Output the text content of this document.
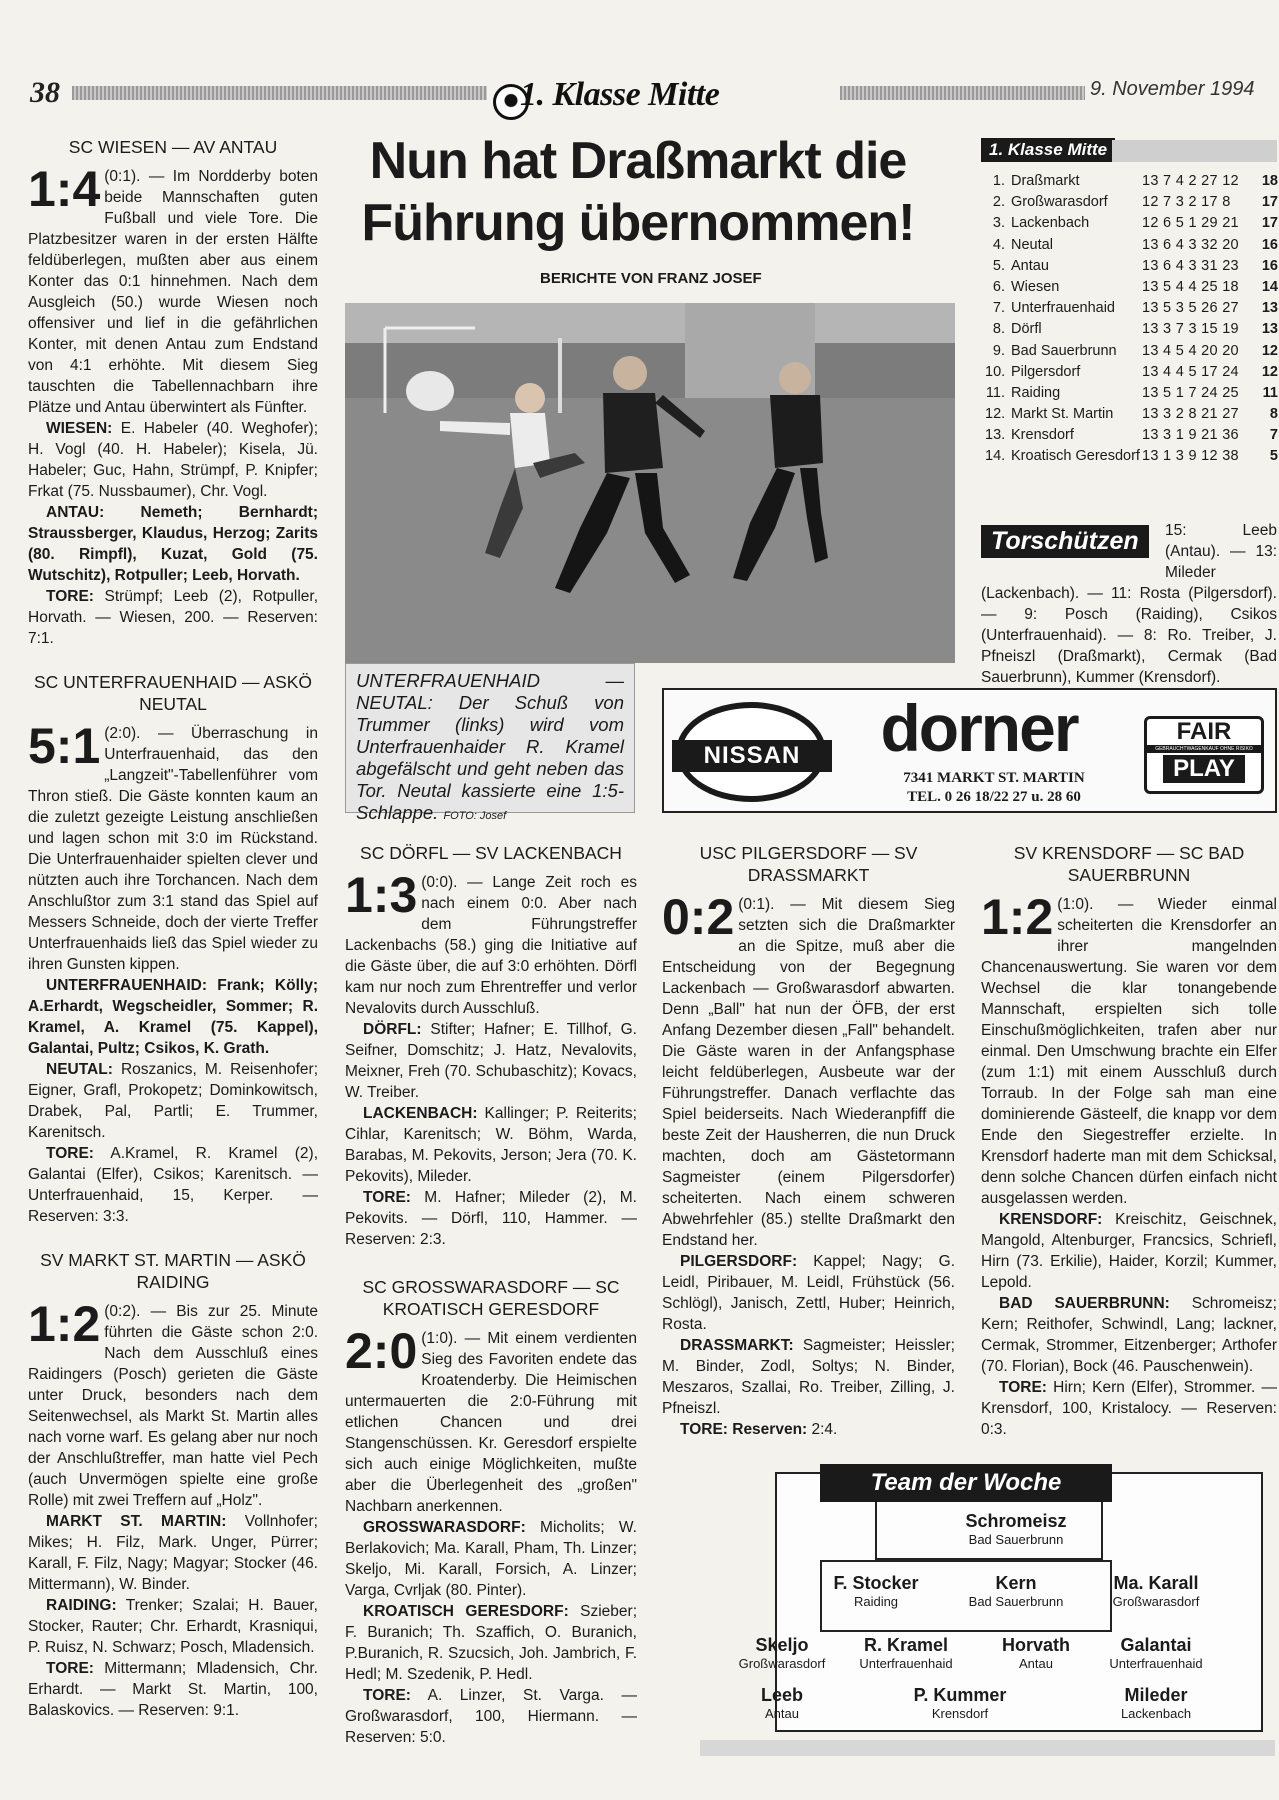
38	1. Klasse Mitte	9. November 1994
Nun hat Draßmarkt die Führung übernommen!
BERICHTE VON FRANZ JOSEF
UNTERFRAUENHAID — NEUTAL: Der Schuß von Trummer (links) wird vom Unterfrauenhaider R. Kramel abgefälscht und geht neben das Tor. Neutal kassierte eine 1:5-Schlappe. FOTO: Josef
NISSAN	dorner
7341 MARKT ST. MARTIN
TEL. 0 26 18/22 27 u. 28 60
FAIR
GEBRAUCHTWAGENKAUF OHNE RISIKO
PLAY
1. Klasse Mitte
1. Draßmarkt	13 7 4 2 27 12	18
2. Großwarasdorf	12 7 3 2 17 8	17
3. Lackenbach	12 6 5 1 29 21	17
4. Neutal	13 6 4 3 32 20	16
5. Antau	13 6 4 3 31 23	16
6. Wiesen	13 5 4 4 25 18	14
7. Unterfrauenhaid	13 5 3 5 26 27	13
8. Dörfl	13 3 7 3 15 19	13
9. Bad Sauerbrunn	13 4 5 4 20 20	12
10. Pilgersdorf	13 4 4 5 17 24	12
11. Raiding	13 5 1 7 24 25	11
12. Markt St. Martin	13 3 2 8 21 27	8
13. Krensdorf	13 3 1 9 21 36	7
14. Kroatisch Geresdorf 13 1 3 9 12 38	5
Torschützen	15: Leeb (Antau). — 13: Mileder (Lackenbach). — 11: Rosta (Pilgersdorf). — 9: Posch (Raiding), Csikos (Unterfrauenhaid). — 8: Ro. Treiber, J. Pfneiszl (Draßmarkt), Cermak (Bad Sauerbrunn), Kummer (Krensdorf).
Team der Woche
Schromeisz
Bad Sauerbrunn
F. Stocker
Raiding
Kern
Bad Sauerbrunn
Ma. Karall
Großwarasdorf
Skeljo
Großwarasdorf
R. Kramel
Unterfrauenhaid
Horvath
Antau
Galantai
Unterfrauenhaid
Leeb
Antau
P. Kummer
Krensdorf
Mileder
Lackenbach
SC WIESEN — AV ANTAU
1:4 (0:1). — Im Nordderby boten beide Mannschaften guten Fußball und viele Tore. Die Platzbesitzer waren in der ersten Hälfte feldüberlegen, mußten aber aus einem Konter das 0:1 hinnehmen. Nach dem Ausgleich (50.) wurde Wiesen noch offensiver und lief in die gefährlichen Konter, mit denen Antau zum Endstand von 4:1 erhöhte. Mit diesem Sieg tauschten die Tabellennachbarn ihre Plätze und Antau überwintert als Fünfter.

WIESEN: E. Habeler (40. Weghofer); H. Vogl (40. H. Habeler); Kisela, Jü. Habeler; Guc, Hahn, Strümpf, P. Knipfer; Frkat (75. Nussbaumer), Chr. Vogl.

ANTAU: Nemeth; Bernhardt; Straussberger, Klaudus, Herzog; Zarits (80. Rimpfl), Kuzat, Gold (75. Wutschitz), Rotpuller; Leeb, Horvath.

TORE: Strümpf; Leeb (2), Rotpuller, Horvath. — Wiesen, 200. — Reserven: 7:1.

SC UNTERFRAUENHAID — ASKÖ NEUTAL
5:1 (2:0). — Überraschung in Unterfrauenhaid, das den „Langzeit"-Tabellenführer vom Thron stieß. Die Gäste konnten kaum an die zuletzt gezeigte Leistung anschließen und lagen schon mit 3:0 im Rückstand. Die Unterfrauenhaider spielten clever und nützten auch ihre Torchancen. Nach dem Anschlußtor zum 3:1 stand das Spiel auf Messers Schneide, doch der vierte Treffer Unterfrauenhaids ließ das Spiel wieder zu ihren Gunsten kippen.

UNTERFRAUENHAID: Frank; Kölly; A.Erhardt, Wegscheidler, Sommer; R. Kramel, A. Kramel (75. Kappel), Galantai, Pultz; Csikos, K. Grath.

NEUTAL: Roszanics, M. Reisenhofer; Eigner, Grafl, Prokopetz; Dominkowitsch, Drabek, Pal, Partli; E. Trummer, Karenitsch.

TORE: A.Kramel, R. Kramel (2), Galantai (Elfer), Csikos; Karenitsch. — Unterfrauenhaid, 15, Kerper. — Reserven: 3:3.

SV MARKT ST. MARTIN — ASKÖ RAIDING
1:2 (0:2). — Bis zur 25. Minute führten die Gäste schon 2:0. Nach dem Ausschluß eines Raidingers (Posch) gerieten die Gäste unter Druck, besonders nach dem Seitenwechsel, als Markt St. Martin alles nach vorne warf. Es gelang aber nur noch der Anschlußtreffer, man hatte viel Pech (auch Unvermögen spielte eine große Rolle) mit zwei Treffern auf „Holz".

MARKT ST. MARTIN: Vollnhofer; Mikes; H. Filz, Mark. Unger, Pürrer; Karall, F. Filz, Nagy; Magyar; Stocker (46. Mittermann), W. Binder.

RAIDING: Trenker; Szalai; H. Bauer, Stocker, Rauter; Chr. Erhardt, Krasniqui, P. Ruisz, N. Schwarz; Posch, Mladensich.

TORE: Mittermann; Mladensich, Chr. Erhardt. — Markt St. Martin, 100, Balaskovics. — Reserven: 9:1.

SC DÖRFL — SV LACKENBACH
1:3 (0:0). — Lange Zeit roch es nach einem 0:0. Aber nach dem Führungstreffer Lackenbachs (58.) ging die Initiative auf die Gäste über, die auf 3:0 erhöhten. Dörfl kam nur noch zum Ehrentreffer und verlor Nevalovits durch Ausschluß.

DÖRFL: Stifter; Hafner; E. Tillhof, G. Seifner, Domschitz; J. Hatz, Nevalovits, Meixner, Freh (70. Schubaschitz); Kovacs, W. Treiber.

LACKENBACH: Kallinger; P. Reiterits; Cihlar, Karenitsch; W. Böhm, Warda, Barabas, M. Pekovits, Jerson; Jera (70. K. Pekovits), Mileder.

TORE: M. Hafner; Mileder (2), M. Pekovits. — Dörfl, 110, Hammer. — Reserven: 2:3.

SC GROSSWARASDORF — SC KROATISCH GERESDORF
2:0 (1:0). — Mit einem verdienten Sieg des Favoriten endete das Kroatenderby. Die Heimischen untermauerten die 2:0-Führung mit etlichen Chancen und drei Stangenschüssen. Kr. Geresdorf erspielte sich auch einige Möglichkeiten, mußte aber die Überlegenheit des „großen" Nachbarn anerkennen.

GROSSWARASDORF: Micholits; W. Berlakovich; Ma. Karall, Pham, Th. Linzer; Skeljo, Mi. Karall, Forsich, A. Linzer; Varga, Cvrljak (80. Pinter).

KROATISCH GERESDORF: Szieber; F. Buranich; Th. Szaffich, O. Buranich, P.Buranich, R. Szucsich, Joh. Jambrich, F. Hedl; M. Szedenik, P. Hedl.

TORE: A. Linzer, St. Varga. — Großwarasdorf, 100, Hiermann. — Reserven: 5:0.

USC PILGERSDORF — SV DRASSMARKT
0:2 (0:1). — Mit diesem Sieg setzten sich die Draßmarkter an die Spitze, muß aber die Entscheidung von der Begegnung Lackenbach — Großwarasdorf abwarten. Denn „Ball" hat nun der ÖFB, der erst Anfang Dezember diesen „Fall" behandelt. Die Gäste waren in der Anfangsphase leicht feldüberlegen, Ausbeute war der Führungstreffer. Danach verflachte das Spiel beiderseits. Nach Wiederanpfiff die beste Zeit der Hausherren, die nun Druck machten, doch am Gästetormann Sagmeister (einem Pilgersdorfer) scheiterten. Nach einem schweren Abwehrfehler (85.) stellte Draßmarkt den Endstand her.

PILGERSDORF: Kappel; Nagy; G. Leidl, Piribauer, M. Leidl, Frühstück (56. Schlögl), Janisch, Zettl, Huber; Heinrich, Rosta.

DRASSMARKT: Sagmeister; Heissler; M. Binder, Zodl, Soltys; N. Binder, Meszaros, Szallai, Ro. Treiber, Zilling, J. Pfneiszl.

TORE: Reserven: 2:4.

SV KRENSDORF — SC BAD SAUERBRUNN
1:2 (1:0). — Wieder einmal scheiterten die Krensdorfer an ihrer mangelnden Chancenauswertung. Sie waren vor dem Wechsel die klar tonangebende Mannschaft, erspielten sich tolle Einschußmöglichkeiten, trafen aber nur einmal. Den Umschwung brachte ein Elfer (zum 1:1) mit einem Ausschluß durch Torraub. In der Folge sah man eine dominierende Gästeelf, die knapp vor dem Ende den Siegestreffer erzielte. In Krensdorf haderte man mit dem Schicksal, denn solche Chancen dürfen einfach nicht ausgelassen werden.

KRENSDORF: Kreischitz, Geischnek, Mangold, Altenburger, Francsics, Schriefl, Hirn (73. Erkilie), Haider, Korzil; Kummer, Lepold.

BAD SAUERBRUNN: Schromeisz; Kern; Reithofer, Schwindl, Lang; lackner, Cermak, Strommer, Eitzenberger; Arthofer (70. Florian), Bock (46. Pauschenwein).

TORE: Hirn; Kern (Elfer), Strommer. — Krensdorf, 100, Kristalocy. — Reserven: 0:3.
